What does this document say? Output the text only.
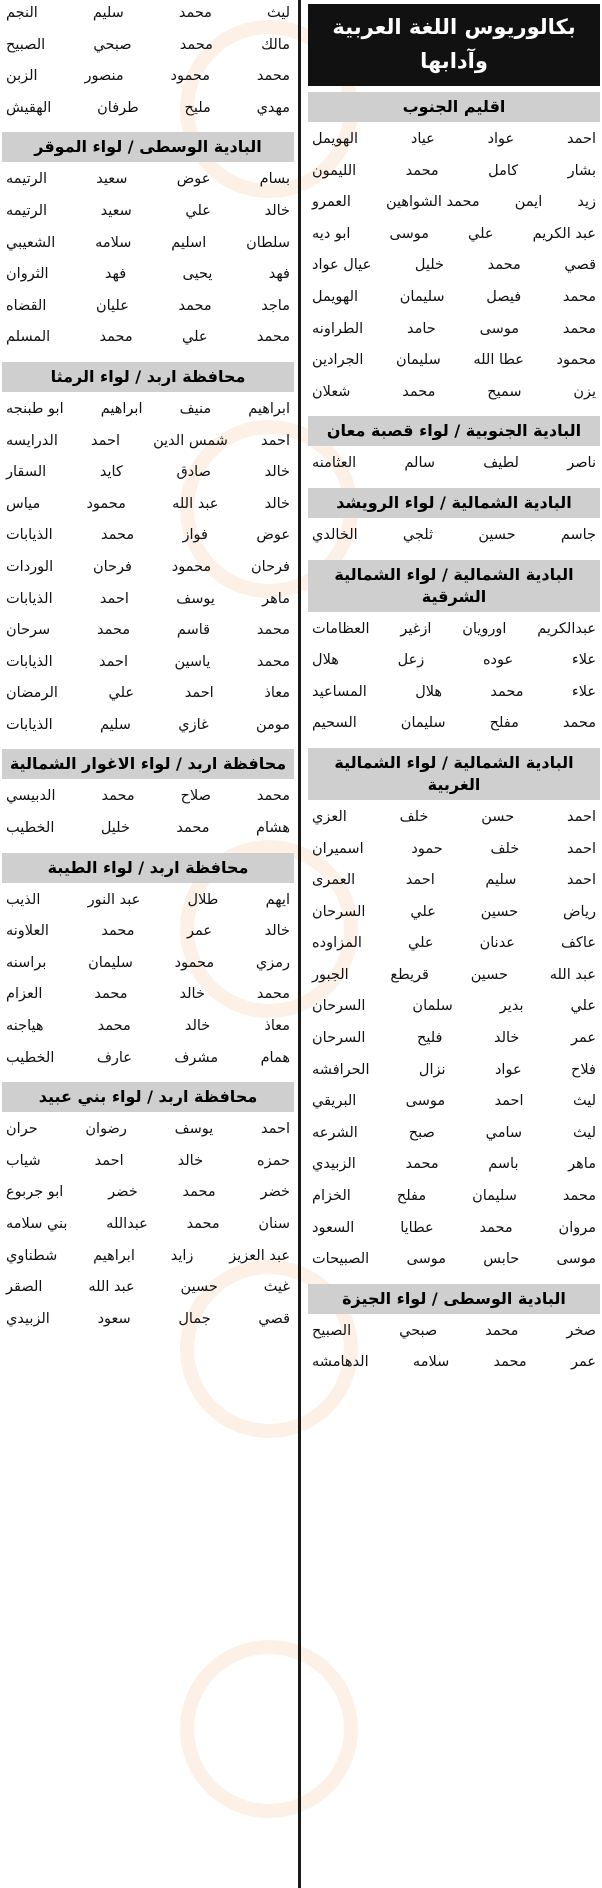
بكالوريوس اللغة العربية
وآدابها
اقليم الجنوب
احمد
عواد
عياد
الهويمل
بشار
كامل
محمد
الليمون
زيد
ايمن
محمد الشواهين
العمرو
عبد الكريم
علي
موسى
ابو ديه
قصي
محمد
خليل
عيال عواد
محمد
فيصل
سليمان
الهويمل
محمد
موسى
حامد
الطراونه
محمود
عطا الله
سليمان
الجرادين
يزن
سميح
محمد
شعلان
البادية الجنوبية / لواء قصبة معان
ناصر
لطيف
سالم
العثامنه
البادية الشمالية / لواء الرويشد
جاسم
حسين
ثلجي
الخالدي
البادية الشمالية / لواء الشمالية الشرقية
عبدالكريم
اورويان
ازغير
العظامات
علاء
عوده
زعل
هلال
علاء
محمد
هلال
المساعيد
محمد
مفلح
سليمان
السحيم
البادية الشمالية / لواء الشمالية الغربية
احمد
حسن
خلف
العزي
احمد
خلف
حمود
اسميران
احمد
سليم
احمد
العمرى
رياض
حسين
علي
السرحان
عاكف
عدنان
علي
المزاوده
عبد الله
حسين
قريطع
الجبور
علي
بدير
سلمان
السرحان
عمر
خالد
فليح
السرحان
فلاح
عواد
نزال
الحرافشه
ليث
احمد
موسى
البريقي
ليث
سامي
صبح
الشرعه
ماهر
باسم
محمد
الزبيدي
محمد
سليمان
مفلح
الخزام
مروان
محمد
عطايا
السعود
موسى
حابس
موسى
الصبيحات
البادية الوسطى / لواء الجيزة
صخر
محمد
صبحي
الصبيح
عمر
محمد
سلامه
الدهامشه
ليث
محمد
سليم
النجم
مالك
محمد
صبحي
الصبيح
محمد
محمود
منصور
الزبن
مهدي
مليح
طرفان
الهقيش
البادية الوسطى / لواء الموقر
بسام
عوض
سعيد
الرتيمه
خالد
علي
سعيد
الرتيمه
سلطان
اسليم
سلامه
الشعيبي
فهد
يحيى
فهد
الثروان
ماجد
محمد
عليان
القضاه
محمد
علي
محمد
المسلم
محافظة اربد / لواء الرمثا
ابراهيم
منيف
ابراهيم
ابو طبنجه
احمد
شمس الدين
احمد
الدرايسه
خالد
صادق
كايد
السقار
خالد
عبد الله
محمود
مياس
عوض
فواز
محمد
الذيابات
فرحان
محمود
فرحان
الوردات
ماهر
يوسف
احمد
الذيابات
محمد
قاسم
محمد
سرحان
محمد
ياسين
احمد
الذيابات
معاذ
احمد
علي
الرمضان
مومن
غازي
سليم
الذيابات
محافظة اربد / لواء الاغوار الشمالية
محمد
صلاح
محمد
الدبيسي
هشام
محمد
خليل
الخطيب
محافظة اربد / لواء الطيبة
ايهم
طلال
عبد النور
الذيب
خالد
عمر
محمد
العلاونه
رمزي
محمود
سليمان
براسنه
محمد
خالد
محمد
العزام
معاذ
خالد
محمد
هياجنه
همام
مشرف
عارف
الخطيب
محافظة اربد / لواء بني عبيد
احمد
يوسف
رضوان
حران
حمزه
خالد
احمد
شياب
خضر
محمد
خضر
ابو جربوع
سنان
محمد
عبدالله
بني سلامه
عبد العزيز
زايد
ابراهيم
شطناوي
غيث
حسين
عبد الله
الصقر
قصي
جمال
سعود
الزبيدي
